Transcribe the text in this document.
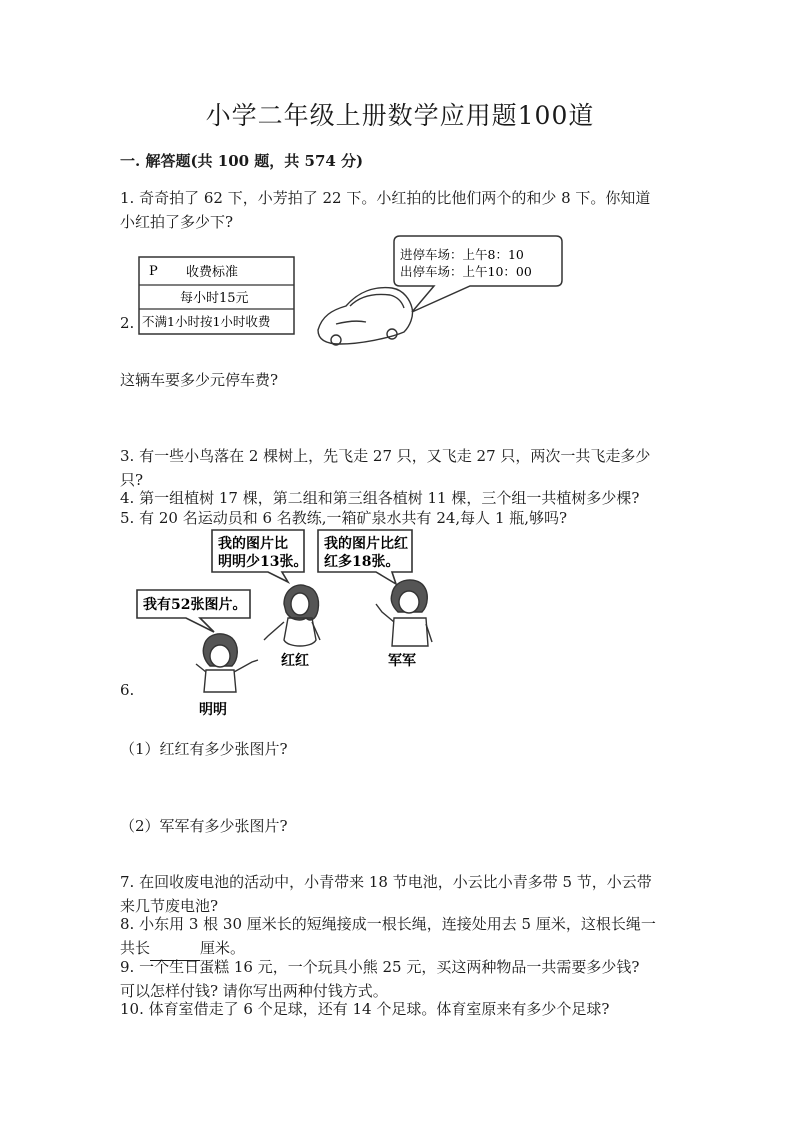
小学二年级上册数学应用题100道
一. 解答题(共 100 题，共 574 分)
1. 奇奇拍了 62 下，小芳拍了 22 下。小红拍的比他们两个的和少 8 下。你知道
小红拍了多少下?
P 收费标准
每小时15元
不满1小时按1小时收费
进停车场：上午8：10
出停车场：上午10：00
2.
这辆车要多少元停车费?
3. 有一些小鸟落在 2 棵树上，先飞走 27 只，又飞走 27 只，两次一共飞走多少
只?
4. 第一组植树 17 棵，第二组和第三组各植树 11 棵，三个组一共植树多少棵?
5. 有 20 名运动员和 6 名教练,一箱矿泉水共有 24,每人 1 瓶,够吗?
我的图片比
明明少13张。
我的图片比红
红多18张。
我有52张图片。
红红	军军
明明
6.
（1）红红有多少张图片?
（2）军军有多少张图片?
7. 在回收废电池的活动中，小青带来 18 节电池，小云比小青多带 5 节，小云带
来几节废电池?
8. 小东用 3 根 30 厘米长的短绳接成一根长绳，连接处用去 5 厘米，这根长绳一
共长	厘米。
9. 一个生日蛋糕 16 元，一个玩具小熊 25 元，买这两种物品一共需要多少钱?
可以怎样付钱? 请你写出两种付钱方式。
10. 体育室借走了 6 个足球，还有 14 个足球。体育室原来有多少个足球?
